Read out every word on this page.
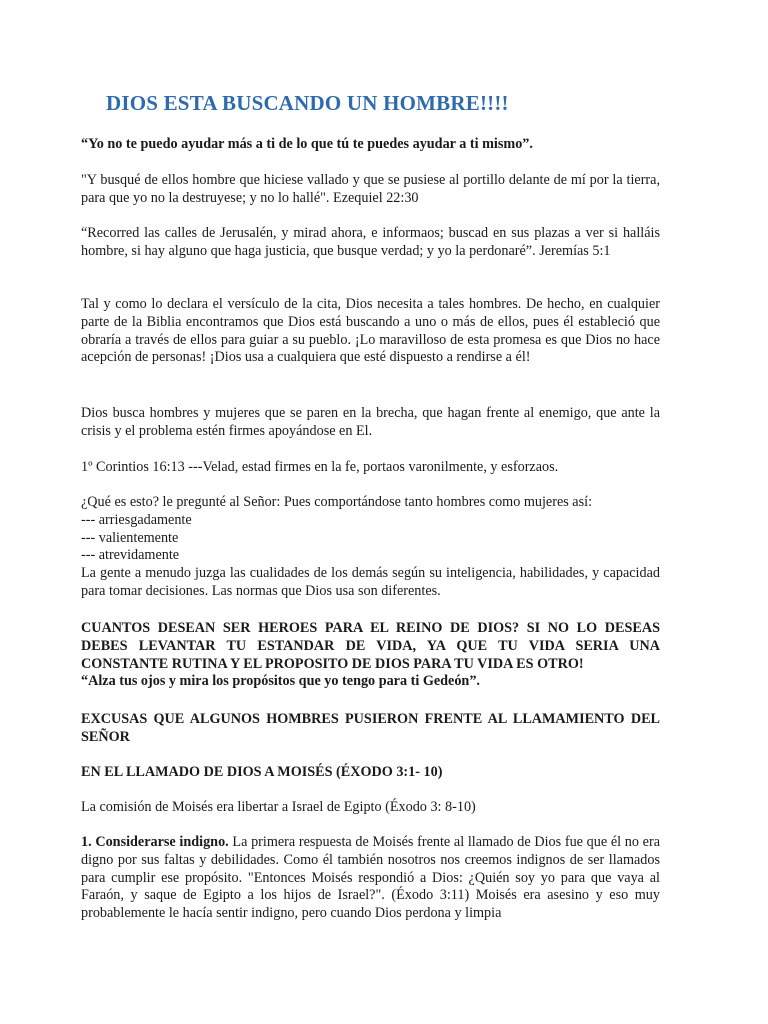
DIOS ESTA BUSCANDO UN HOMBRE!!!!

“Yo no te puedo ayudar más a ti de lo que tú te puedes ayudar a ti mismo”.

"Y busqué de ellos hombre que hiciese vallado y que se pusiese al portillo delante de mí por la tierra, para que yo no la destruyese; y no lo hallé". Ezequiel 22:30

“Recorred las calles de Jerusalén, y mirad ahora, e informaos; buscad en sus plazas a ver si halláis hombre, si hay alguno que haga justicia, que busque verdad; y yo la perdonaré”. Jeremías 5:1

Tal y como lo declara el versículo de la cita, Dios necesita a tales hombres. De hecho, en cualquier parte de la Biblia encontramos que Dios está buscando a uno o más de ellos, pues él estableció que obraría a través de ellos para guiar a su pueblo. ¡Lo maravilloso de esta promesa es que Dios no hace acepción de personas! ¡Dios usa a cualquiera que esté dispuesto a rendirse a él!

Dios busca hombres y mujeres que se paren en la brecha, que hagan frente al enemigo, que ante la crisis y el problema estén firmes apoyándose en El.

1º Corintios 16:13 ---Velad, estad firmes en la fe, portaos varonilmente, y esforzaos.

¿Qué es esto? le pregunté al Señor: Pues comportándose tanto hombres como mujeres así:
--- arriesgadamente
--- valientemente
--- atrevidamente
La gente a menudo juzga las cualidades de los demás según su inteligencia, habilidades, y capacidad para tomar decisiones. Las normas que Dios usa son diferentes.
CUANTOS DESEAN SER HEROES PARA EL REINO DE DIOS? SI NO LO DESEAS DEBES LEVANTAR TU ESTANDAR DE VIDA, YA QUE TU VIDA SERIA UNA CONSTANTE RUTINA Y EL PROPOSITO DE DIOS PARA TU VIDA ES OTRO!
“Alza tus ojos y mira los propósitos que yo tengo para ti Gedeón”.

EXCUSAS QUE ALGUNOS HOMBRES PUSIERON FRENTE AL LLAMAMIENTO DEL SEÑOR

EN EL LLAMADO DE DIOS A MOISÉS (ÉXODO 3:1- 10)

La comisión de Moisés era libertar a Israel de Egipto (Éxodo 3: 8-10)

1. Considerarse indigno. La primera respuesta de Moisés frente al llamado de Dios fue que él no era digno por sus faltas y debilidades. Como él también nosotros nos creemos indignos de ser llamados para cumplir ese propósito. "Entonces Moisés respondió a Dios: ¿Quién soy yo para que vaya al Faraón, y saque de Egipto a los hijos de Israel?". (Éxodo 3:11) Moisés era asesino y eso muy probablemente le hacía sentir indigno, pero cuando Dios perdona y limpia
